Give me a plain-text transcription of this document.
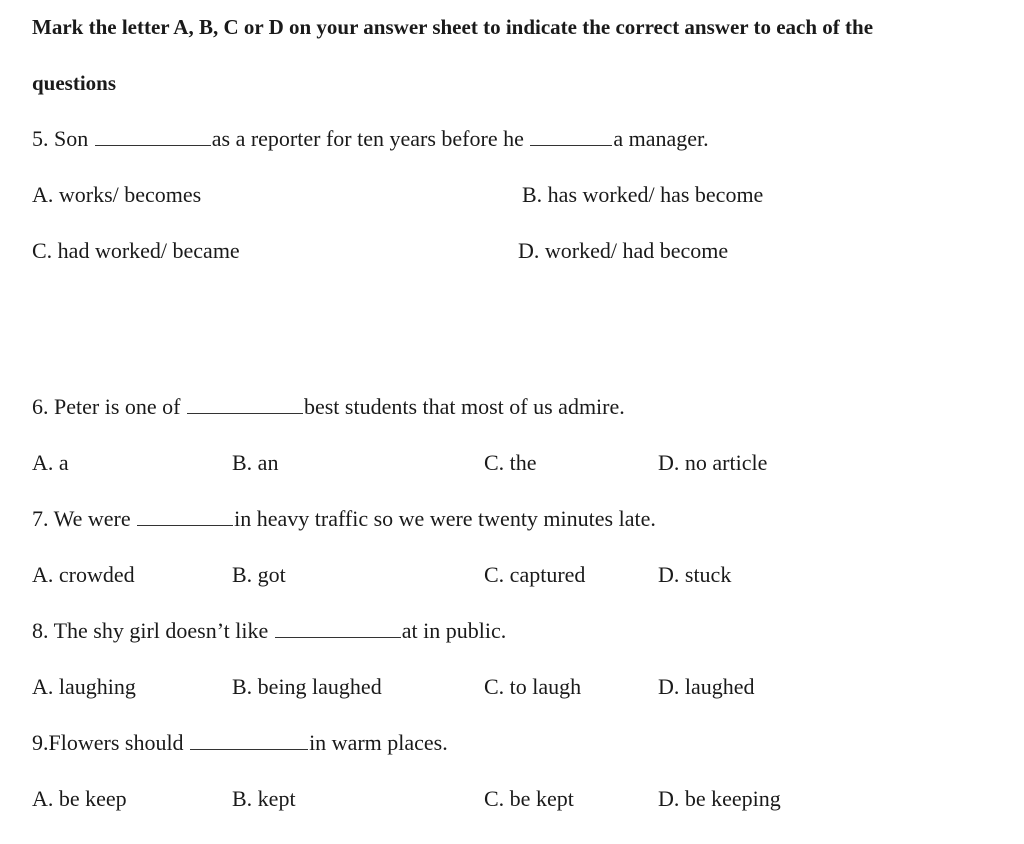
Mark the letter A, B, C or D on your answer sheet to indicate the correct answer to each of the
questions
5. Son	as a reporter for ten years before he	a manager.
A. works/ becomes	B. has worked/ has become
C. had worked/ became	D. worked/ had become
6. Peter is one of	best students that most of us admire.
A. a	B. an	C. the	D. no article
7. We were	in heavy traffic so we were twenty minutes late.
A. crowded	B. got	C. captured	D. stuck
8. The shy girl doesn’t like	at in public.
A. laughing	B. being laughed	C. to laugh	D. laughed
9.Flowers should	in warm places.
A. be keep	B. kept	C. be kept	D. be keeping
